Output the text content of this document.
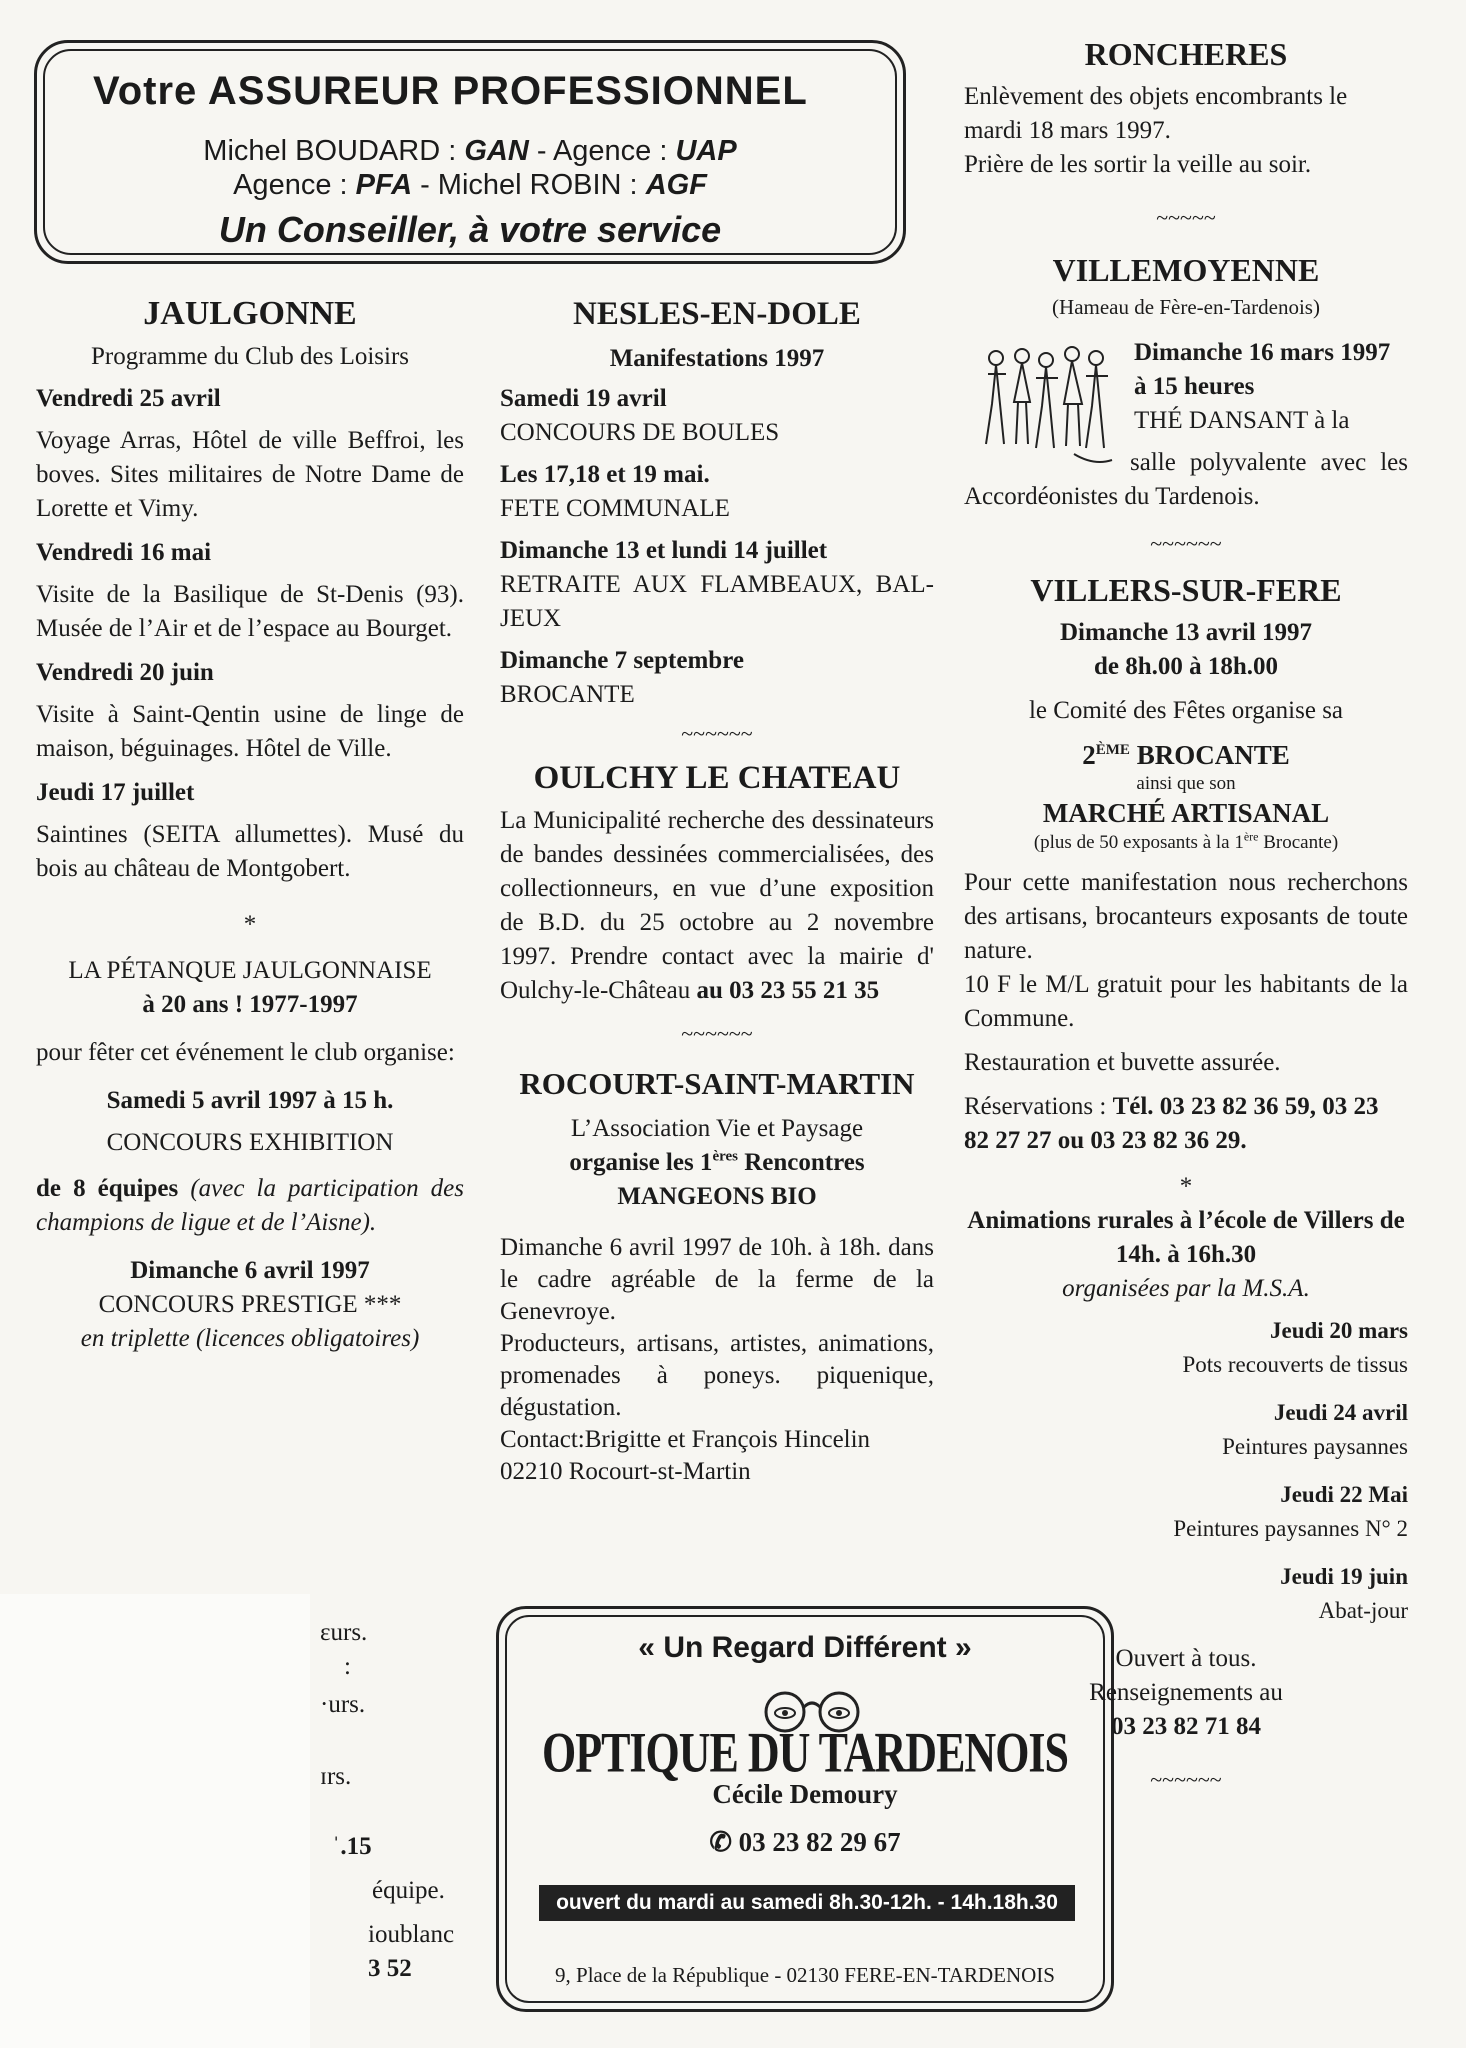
Votre ASSUREUR PROFESSIONNEL
Michel BOUDARD : GAN - Agence : UAP
Agence : PFA - Michel ROBIN : AGF
Un Conseiller, à votre service

JAULGONNE

Programme du Club des Loisirs

Vendredi 25 avril

Voyage Arras, Hôtel de ville Beffroi, les boves. Sites militaires de Notre Dame de Lorette et Vimy.

Vendredi 16 mai

Visite de la Basilique de St-Denis (93). Musée de l’Air et de l’espace au Bourget.

Vendredi 20 juin

Visite à Saint-Qentin usine de linge de maison, béguinages. Hôtel de Ville.

Jeudi 17 juillet

Saintines (SEITA allumettes). Musé du bois au château de Montgobert.

*

LA PÉTANQUE JAULGONNAISE

à 20 ans ! 1977-1997

pour fêter cet événement le club organise:

Samedi 5 avril 1997 à 15 h.

CONCOURS EXHIBITION

de 8 équipes (avec la participation des champions de ligue et de l’Aisne).

Dimanche 6 avril 1997

CONCOURS PRESTIGE ***

en triplette (licences obligatoires)

ɛurs.

:

·urs.

ɪrs.

ˈ.15

équipe.

ioublanc

3 52

NESLES-EN-DOLE

Manifestations 1997

Samedi 19 avril

CONCOURS DE BOULES

Les 17,18 et 19 mai.

FETE COMMUNALE

Dimanche 13 et lundi 14 juillet

RETRAITE AUX FLAMBEAUX, BAL- JEUX

Dimanche 7 septembre

BROCANTE

~~~~~~

OULCHY LE CHATEAU

La Municipalité recherche des dessinateurs de bandes dessinées commercialisées, des collectionneurs, en vue d’une exposition de B.D. du 25 octobre au 2 novembre 1997. Prendre contact avec la mairie d' Oulchy-le-Château au 03 23 55 21 35

~~~~~~

ROCOURT-SAINT-MARTIN

L’Association Vie et Paysage

organise les 1ères Rencontres

MANGEONS BIO

Dimanche 6 avril 1997 de 10h. à 18h. dans le cadre agréable de la ferme de la Genevroye.

Producteurs, artisans, artistes, animations, promenades à poneys. piquenique, dégustation.

Contact:Brigitte et François Hincelin

02210 Rocourt-st-Martin

« Un Regard Différent »
OPTIQUE DU TARDENOIS
Cécile Demoury
✆ 03 23 82 29 67
ouvert du mardi au samedi 8h.30-12h. - 14h.18h.30
9, Place de la République - 02130 FERE-EN-TARDENOIS

RONCHERES

Enlèvement des objets encombrants le mardi 18 mars 1997.

Prière de les sortir la veille au soir.

~~~~~

VILLEMOYENNE

(Hameau de Fère-en-Tardenois)

Dimanche 16 mars 1997 à 15 heures

THÉ DANSANT à la

salle polyvalente avec les Accordéonistes du Tardenois.

~~~~~~

VILLERS-SUR-FERE

Dimanche 13 avril 1997

de 8h.00 à 18h.00

le Comité des Fêtes organise sa

2ÈME BROCANTE

ainsi que son

MARCHÉ ARTISANAL

(plus de 50 exposants à la 1ère Brocante)

Pour cette manifestation nous recherchons des artisans, brocanteurs exposants de toute nature.

10 F le M/L gratuit pour les habitants de la Commune.

Restauration et buvette assurée.

Réservations : Tél. 03 23 82 36 59, 03 23 82 27 27 ou 03 23 82 36 29.

*

Animations rurales à l’école de Villers de 14h. à 16h.30

organisées par la M.S.A.

Jeudi 20 mars

Pots recouverts de tissus

Jeudi 24 avril

Peintures paysannes

Jeudi 22 Mai

Peintures paysannes N° 2

Jeudi 19 juin

Abat-jour

Ouvert à tous.

Renseignements au

03 23 82 71 84

~~~~~~
